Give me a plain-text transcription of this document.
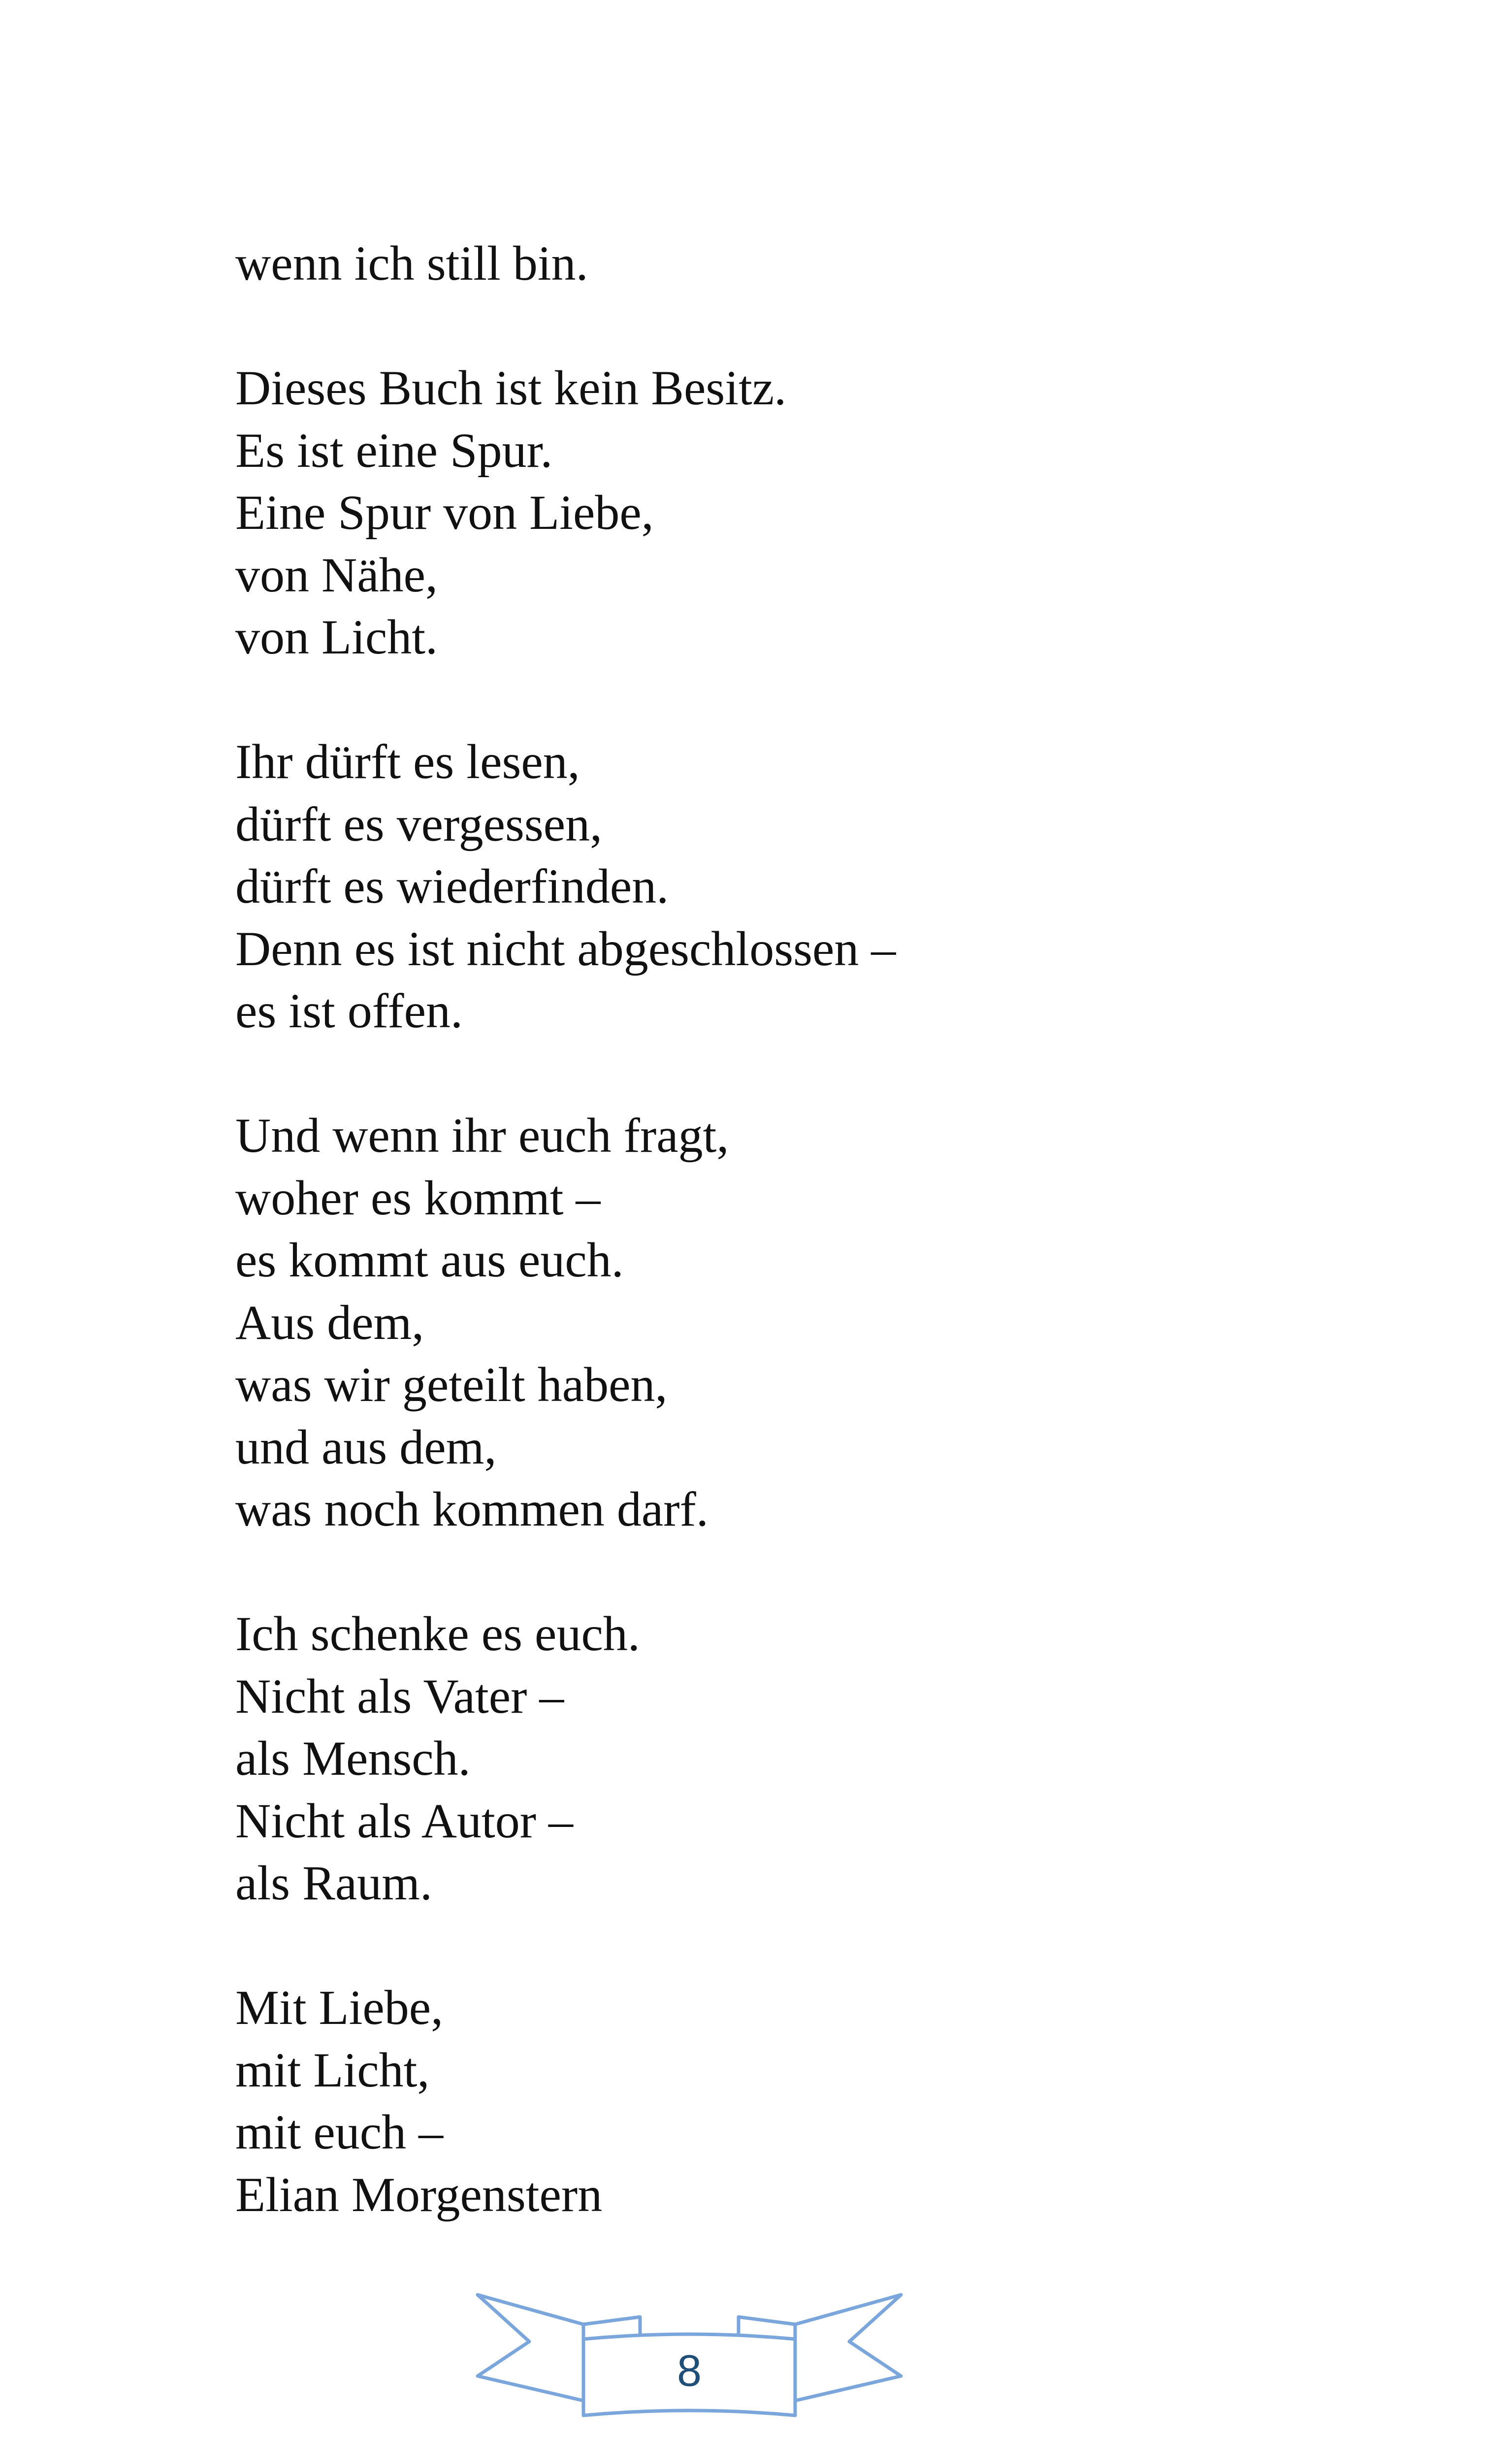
wenn ich still bin.
Dieses Buch ist kein Besitz.
Es ist eine Spur.
Eine Spur von Liebe,
von Nähe,
von Licht.
Ihr dürft es lesen,
dürft es vergessen,
dürft es wiederfinden.
Denn es ist nicht abgeschlossen –
es ist offen.
Und wenn ihr euch fragt,
woher es kommt –
es kommt aus euch.
Aus dem,
was wir geteilt haben,
und aus dem,
was noch kommen darf.
Ich schenke es euch.
Nicht als Vater –
als Mensch.
Nicht als Autor –
als Raum.
Mit Liebe,
mit Licht,
mit euch –
Elian Morgenstern
8
